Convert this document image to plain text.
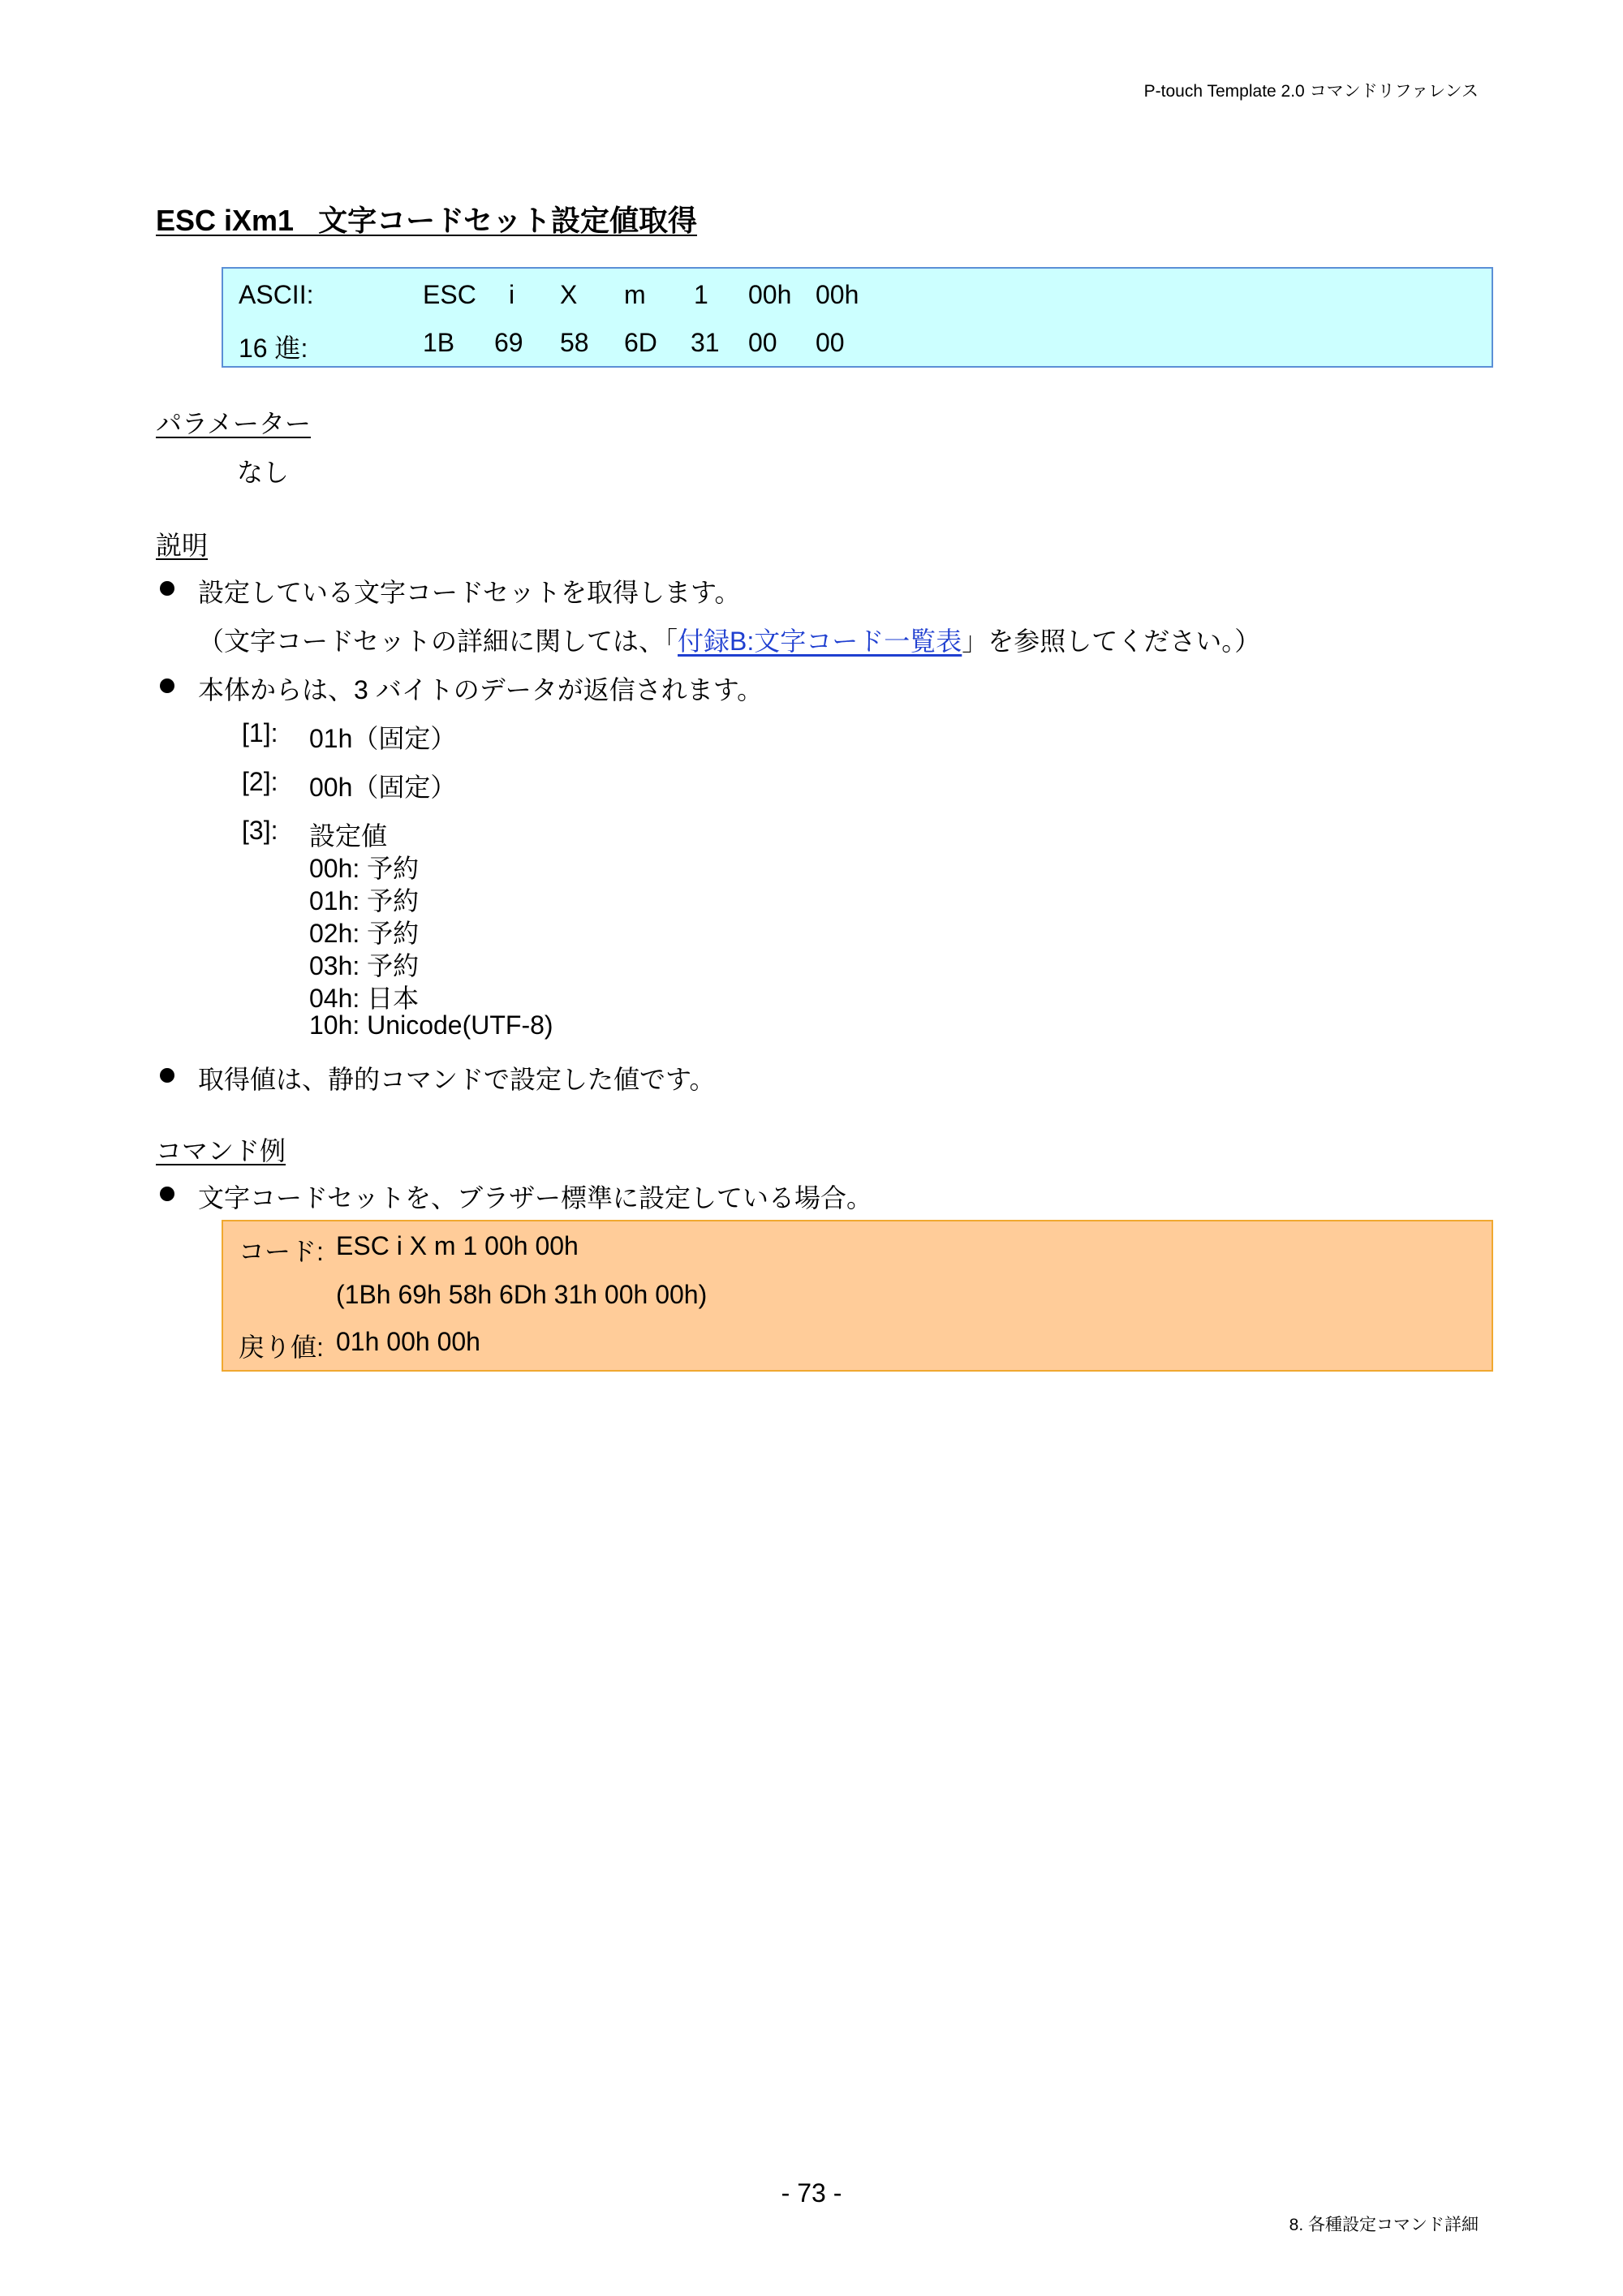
P-touch Template 2.0 コマンドリファレンス
ESC iXm1   文字コードセット設定値取得
ASCII:	ESC i X m 1 00h 00h
16 進:	1B 69 58 6D 31 00 00
パラメーター
なし
説明
設定している文字コードセットを取得します。
（文字コードセットの詳細に関しては、「付録B:文字コード一覧表」を参照してください。）
本体からは、3 バイトのデータが返信されます。
[1]: 01h（固定）
[2]: 00h（固定）
[3]: 設定値
00h: 予約
01h: 予約
02h: 予約
03h: 予約
04h: 日本
10h: Unicode(UTF-8)
取得値は、静的コマンドで設定した値です。
コマンド例
文字コードセットを、ブラザー標準に設定している場合。
コード: ESC i X m 1 00h 00h
(1Bh 69h 58h 6Dh 31h 00h 00h)
戻り値: 01h 00h 00h
- 73 -
8. 各種設定コマンド詳細
